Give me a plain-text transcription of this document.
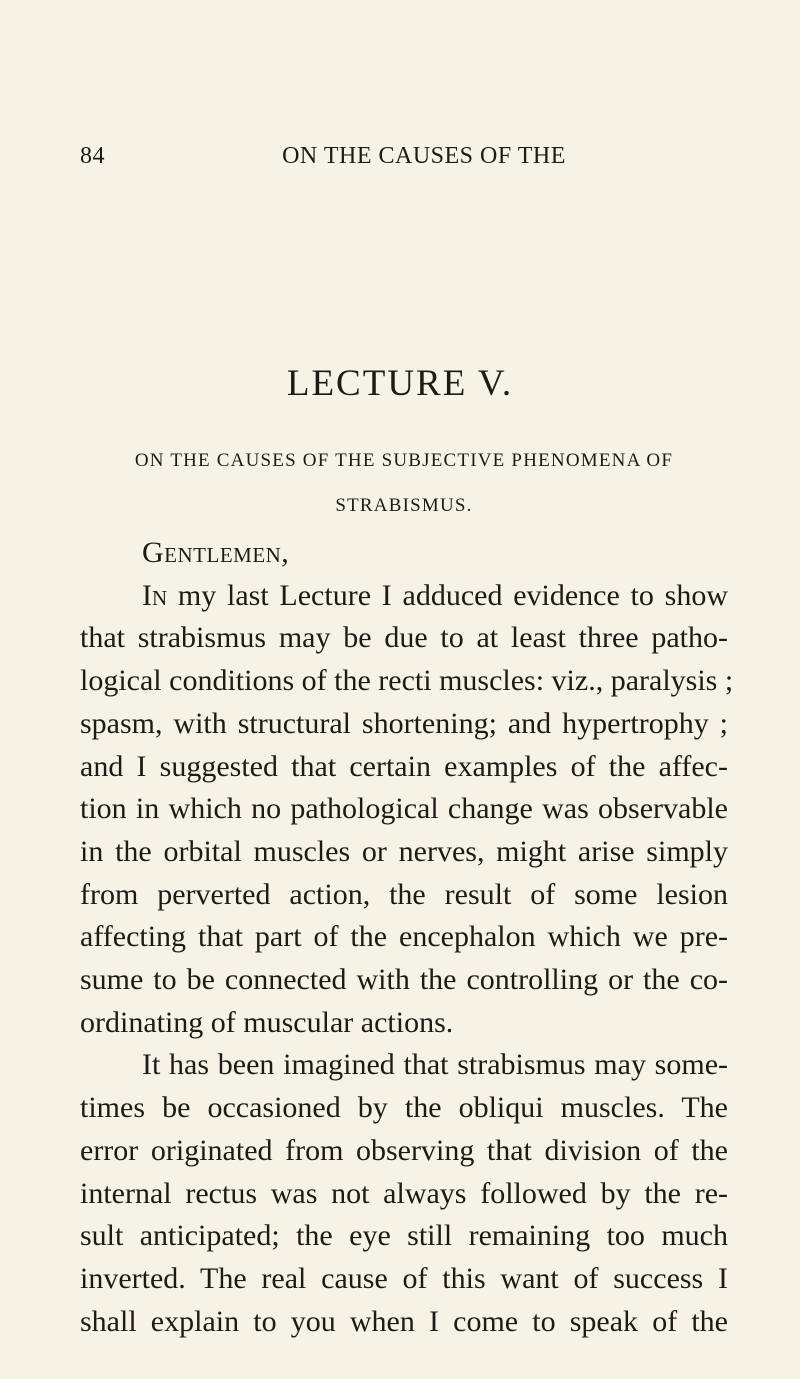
84	ON THE CAUSES OF THE
LECTURE V.
ON THE CAUSES OF THE SUBJECTIVE PHENOMENA OF
STRABISMUS.
Gentlemen,
In my last Lecture I adduced evidence to show
that strabismus may be due to at least three patho-
logical conditions of the recti muscles: viz., paralysis ;
spasm, with structural shortening; and hypertrophy ;
and I suggested that certain examples of the affec-
tion in which no pathological change was observable
in the orbital muscles or nerves, might arise simply
from perverted action, the result of some lesion
affecting that part of the encephalon which we pre-
sume to be connected with the controlling or the co-
ordinating of muscular actions.
It has been imagined that strabismus may some-
times be occasioned by the obliqui muscles. The
error originated from observing that division of the
internal rectus was not always followed by the re-
sult anticipated; the eye still remaining too much
inverted. The real cause of this want of success I
shall explain to you when I come to speak of the
